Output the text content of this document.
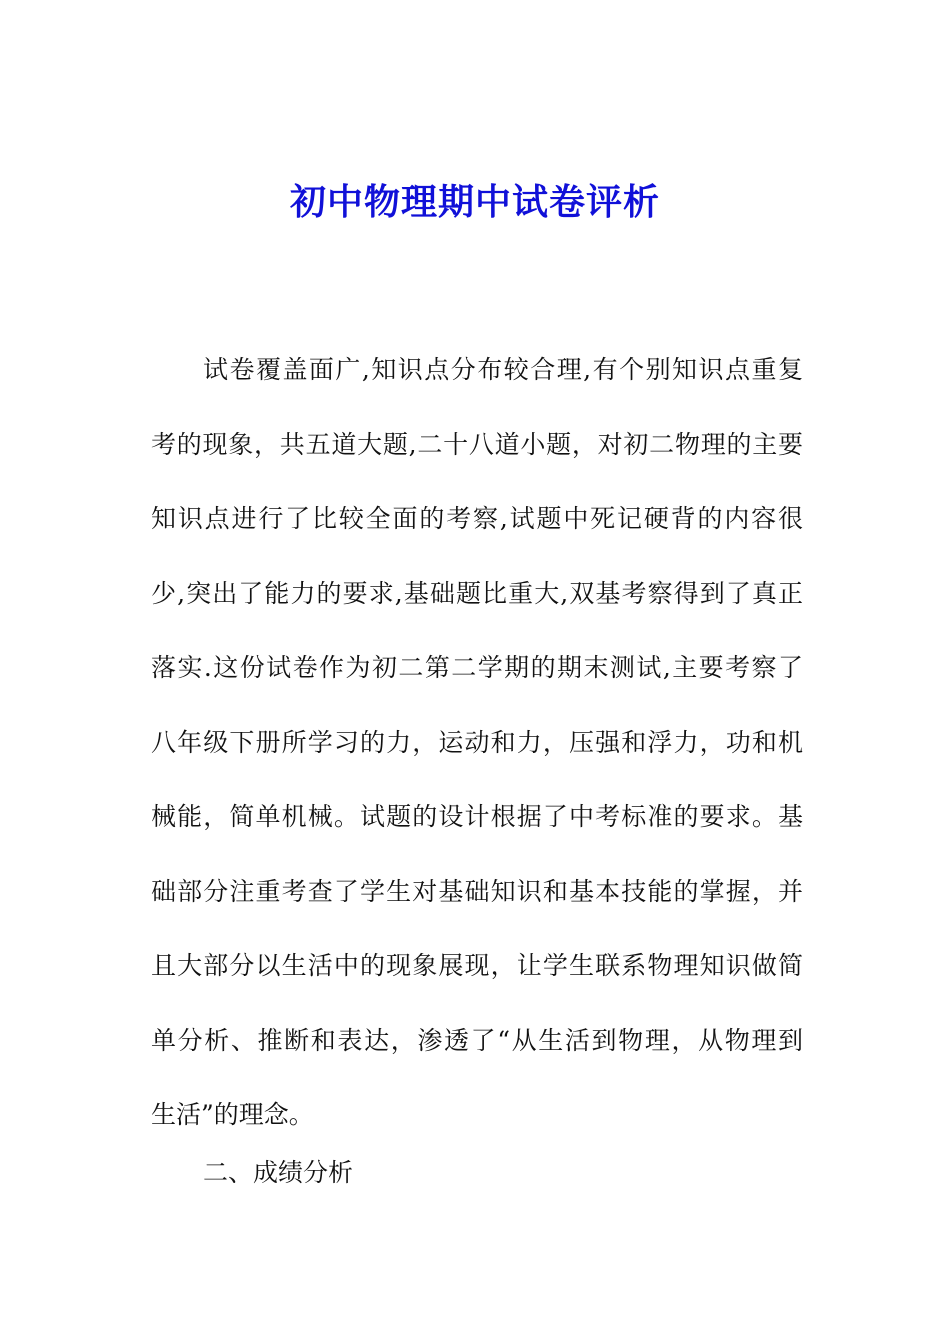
初中物理期中试卷评析
试卷覆盖面广,知识点分布较合理,有个别知识点重复
考的现象，共五道大题,二十八道小题，对初二物理的主要
知识点进行了比较全面的考察,试题中死记硬背的内容很
少,突出了能力的要求,基础题比重大,双基考察得到了真正
落实.这份试卷作为初二第二学期的期末测试,主要考察了
八年级下册所学习的力，运动和力，压强和浮力，功和机
械能，简单机械。试题的设计根据了中考标准的要求。基
础部分注重考查了学生对基础知识和基本技能的掌握，并
且大部分以生活中的现象展现，让学生联系物理知识做简
单分析、推断和表达，渗透了“从生活到物理，从物理到
生活”的理念。
二、成绩分析
